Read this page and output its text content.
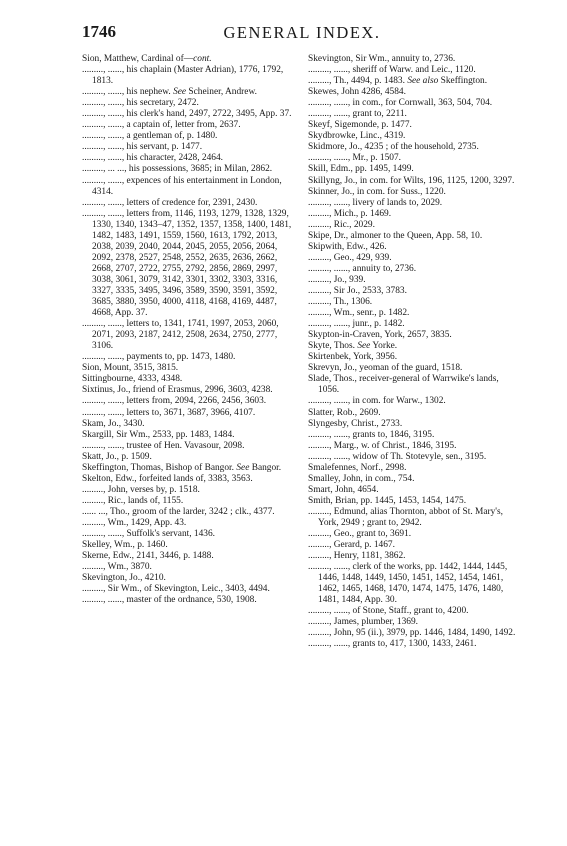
1746	GENERAL INDEX.

Sion, Matthew, Cardinal of—cont.

........., ......, his chaplain (Master Adrian), 1776, 1792, 1813.

........., ......, his nephew. See Scheiner, Andrew.

........., ......, his secretary, 2472.

........., ......, his clerk's hand, 2497, 2722, 3495, App. 37.

........., ......, a captain of, letter from, 2637.

........., ......, a gentleman of, p. 1480.

........., ......, his servant, p. 1477.

........., ......, his character, 2428, 2464.

........., ... ..., his possessions, 3685; in Milan, 2862.

........., ......, expences of his entertainment in London, 4314.

........., ......, letters of credence for, 2391, 2430.

........., ......, letters from, 1146, 1193, 1279, 1328, 1329, 1330, 1340, 1343–47, 1352, 1357, 1358, 1400, 1481, 1482, 1483, 1491, 1559, 1560, 1613, 1792, 2013, 2038, 2039, 2040, 2044, 2045, 2055, 2056, 2064, 2092, 2378, 2527, 2548, 2552, 2635, 2636, 2662, 2668, 2707, 2722, 2755, 2792, 2856, 2869, 2997, 3038, 3061, 3079, 3142, 3301, 3302, 3303, 3316, 3327, 3335, 3495, 3496, 3589, 3590, 3591, 3592, 3685, 3880, 3950, 4000, 4118, 4168, 4169, 4487, 4668, App. 37.

........., ......, letters to, 1341, 1741, 1997, 2053, 2060, 2071, 2093, 2187, 2412, 2508, 2634, 2750, 2777, 3106.

........., ......, payments to, pp. 1473, 1480.

Sion, Mount, 3515, 3815.

Sittingbourne, 4333, 4348.

Sixtinus, Jo., friend of Erasmus, 2996, 3603, 4238.

........., ......, letters from, 2094, 2266, 2456, 3603.

........., ......, letters to, 3671, 3687, 3966, 4107.

Skam, Jo., 3430.

Skargill, Sir Wm., 2533, pp. 1483, 1484.

........., ......, trustee of Hen. Vavasour, 2098.

Skatt, Jo., p. 1509.

Skeffington, Thomas, Bishop of Bangor. See Bangor.

Skelton, Edw., forfeited lands of, 3383, 3563.

........., John, verses by, p. 1518.

........., Ric., lands of, 1155.

...... ..., Tho., groom of the larder, 3242 ; clk., 4377.

........., Wm., 1429, App. 43.

........., ......, Suffolk's servant, 1436.

Skelley, Wm., p. 1460.

Skerne, Edw., 2141, 3446, p. 1488.

........., Wm., 3870.

Skevington, Jo., 4210.

........., Sir Wm., of Skevington, Leic., 3403, 4494.

........., ......, master of the ordnance, 530, 1908.

Skevington, Sir Wm., annuity to, 2736.

........., ......, sheriff of Warw. and Leic., 1120.

........., Th., 4494, p. 1483. See also Skeffington.

Skewes, John 4286, 4584.

........., ......, in com., for Cornwall, 363, 504, 704.

........., ......, grant to, 2211.

Skeyf, Sigemonde, p. 1477.

Skydbrowke, Linc., 4319.

Skidmore, Jo., 4235 ; of the household, 2735.

........., ......, Mr., p. 1507.

Skill, Edm., pp. 1495, 1499.

Skillyng, Jo., in com. for Wilts, 196, 1125, 1200, 3297.

Skinner, Jo., in com. for Suss., 1220.

........., ......, livery of lands to, 2029.

........., Mich., p. 1469.

........., Ric., 2029.

Skipe, Dr., almoner to the Queen, App. 58, 10.

Skipwith, Edw., 426.

........., Geo., 429, 939.

........., ......, annuity to, 2736.

........., Jo., 939.

........., Sir Jo., 2533, 3783.

........., Th., 1306.

........., Wm., senr., p. 1482.

........., ......, junr., p. 1482.

Skypton-in-Craven, York, 2657, 3835.

Skyte, Thos. See Yorke.

Skirtenbek, York, 3956.

Skrevyn, Jo., yeoman of the guard, 1518.

Slade, Thos., receiver-general of Warrwike's lands, 1056.

........., ......, in com. for Warw., 1302.

Slatter, Rob., 2609.

Slyngesby, Christ., 2733.

........., ......, grants to, 1846, 3195.

........., Marg., w. of Christ., 1846, 3195.

........., ......, widow of Th. Stotevyle, sen., 3195.

Smalefennes, Norf., 2998.

Smalley, John, in com., 754.

Smart, John, 4654.

Smith, Brian, pp. 1445, 1453, 1454, 1475.

........., Edmund, alias Thornton, abbot of St. Mary's, York, 2949 ; grant to, 2942.

........., Geo., grant to, 3691.

........., Gerard, p. 1467.

........., Henry, 1181, 3862.

........., ......, clerk of the works, pp. 1442, 1444, 1445, 1446, 1448, 1449, 1450, 1451, 1452, 1454, 1461, 1462, 1465, 1468, 1470, 1474, 1475, 1476, 1480, 1481, 1484, App. 30.

........., ......, of Stone, Staff., grant to, 4200.

........., James, plumber, 1369.

........., John, 95 (ii.), 3979, pp. 1446, 1484, 1490, 1492.

........., ......, grants to, 417, 1300, 1433, 2461.
